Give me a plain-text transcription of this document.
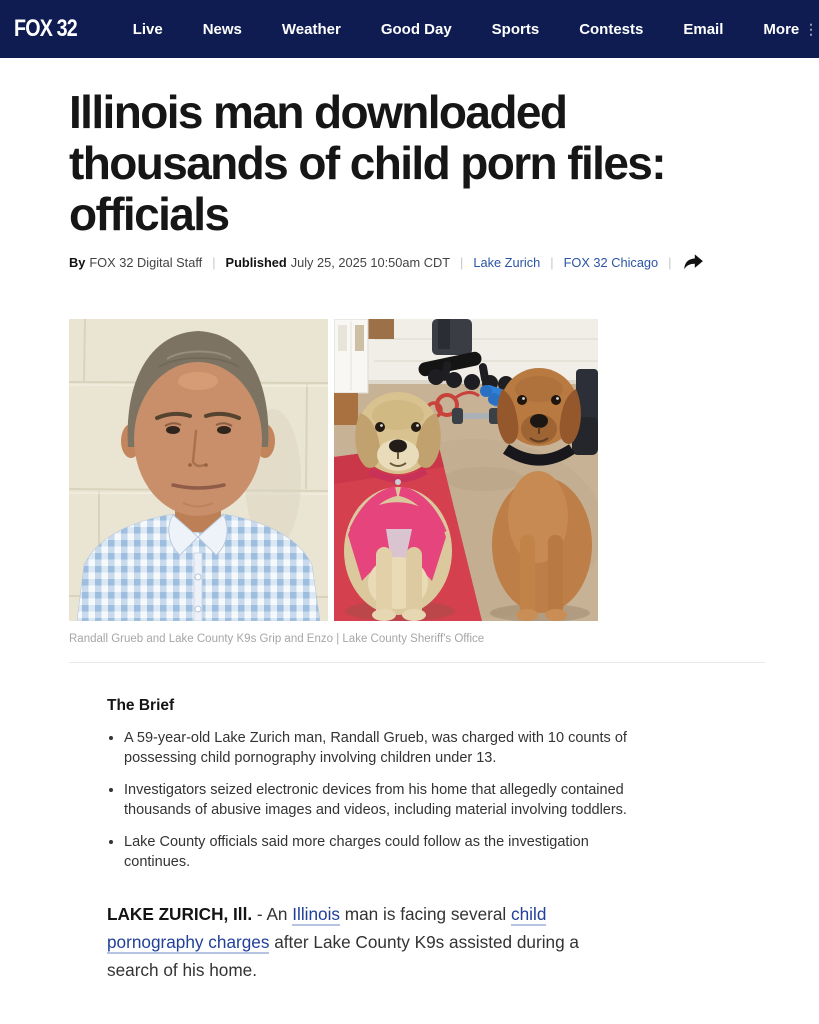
FOX 32	Live	News	Weather	Good Day	Sports	Contests	Email	More ⋮
Illinois man downloaded
thousands of child porn files:
officials
By FOX 32 Digital Staff | Published July 25, 2025 10:50am CDT | Lake Zurich | FOX 32 Chicago |
Randall Grueb and Lake County K9s Grip and Enzo | Lake County Sheriff's Office
The Brief
• A 59-year-old Lake Zurich man, Randall Grueb, was charged with 10 counts of possessing child pornography involving children under 13.
• Investigators seized electronic devices from his home that allegedly contained thousands of abusive images and videos, including material involving toddlers.
• Lake County officials said more charges could follow as the investigation continues.

LAKE ZURICH, Ill. - An Illinois man is facing several child pornography charges after Lake County K9s assisted during a search of his home.
